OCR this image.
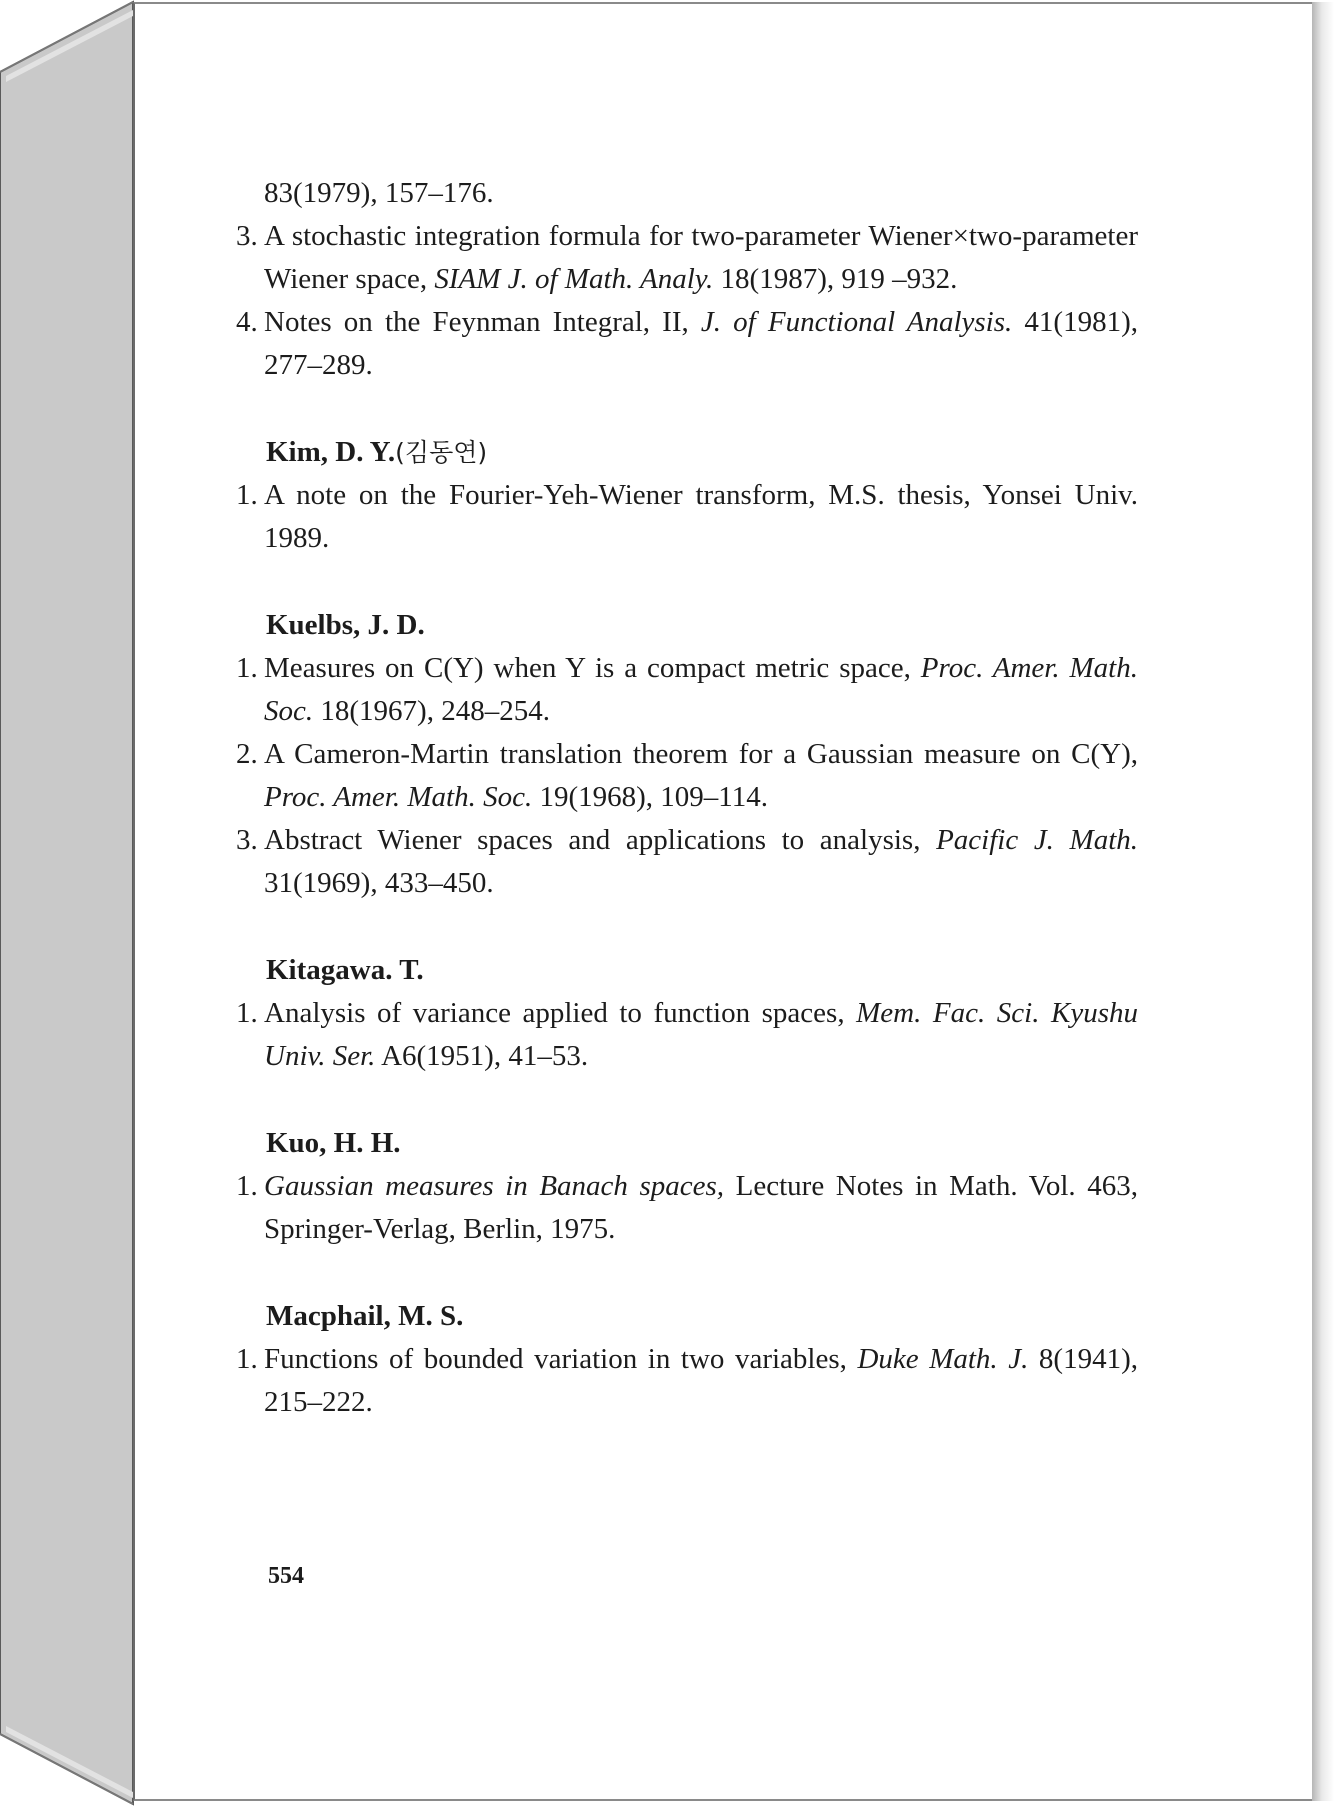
83(1979), 157–176.
3. A stochastic integration formula for two-parameter Wiener×two-parameter Wiener space, SIAM J. of Math. Analy. 18(1987), 919 –932.
4. Notes on the Feynman Integral, II, J. of Functional Analysis. 41(1981), 277–289.
Kim, D. Y.(김동연)
1. A note on the Fourier-Yeh-Wiener transform, M.S. thesis, Yonsei Univ. 1989.
Kuelbs, J. D.
1. Measures on C(Y) when Y is a compact metric space, Proc. Amer. Math. Soc. 18(1967), 248–254.
2. A Cameron-Martin translation theorem for a Gaussian measure on C(Y), Proc. Amer. Math. Soc. 19(1968), 109–114.
3. Abstract Wiener spaces and applications to analysis, Pacific J. Math. 31(1969), 433–450.
Kitagawa. T.
1. Analysis of variance applied to function spaces, Mem. Fac. Sci. Kyushu Univ. Ser. A6(1951), 41–53.
Kuo, H. H.
1. Gaussian measures in Banach spaces, Lecture Notes in Math. Vol. 463, Springer-Verlag, Berlin, 1975.
Macphail, M. S.
1. Functions of bounded variation in two variables, Duke Math. J. 8(1941), 215–222.
554
